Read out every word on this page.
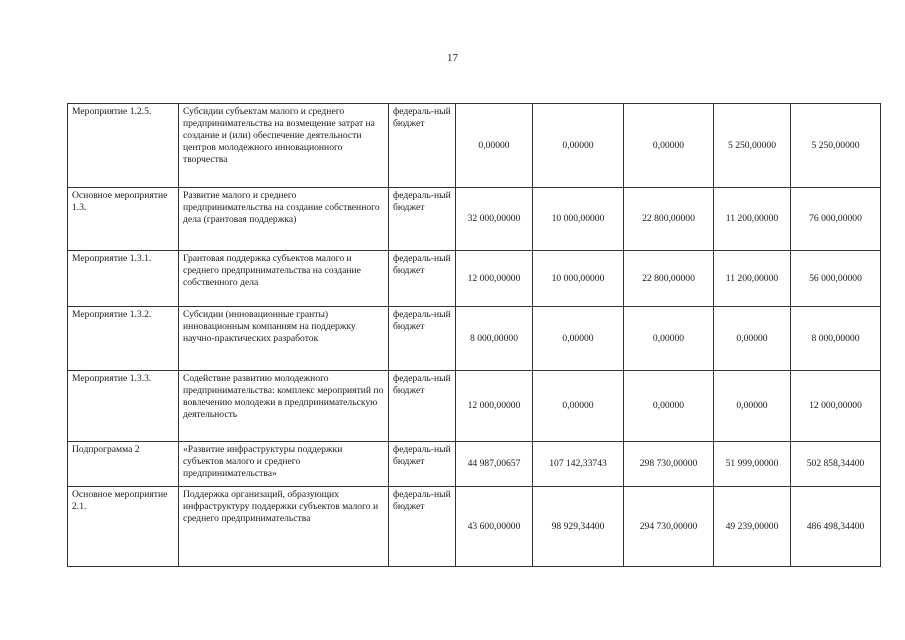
17
Мероприятие 1.2.5.	Субсидии субъектам малого и среднего предпринимательства на возмещение затрат на создание и (или) обеспечение деятельности центров молодежного инновационного творчества	федераль-ный бюджет	0,00000	0,00000	0,00000	5 250,00000	5 250,00000
Основное мероприятие 1.3.	Развитие малого и среднего предпринимательства на создание собственного дела (грантовая поддержка)	федераль-ный бюджет	32 000,00000	10 000,00000	22 800,00000	11 200,00000	76 000,00000
Мероприятие 1.3.1.	Грантовая поддержка субъектов малого и среднего предпринимательства на создание собственного дела	федераль-ный бюджет	12 000,00000	10 000,00000	22 800,00000	11 200,00000	56 000,00000
Мероприятие 1.3.2.	Субсидии (инновационные гранты) инновационным компаниям на поддержку научно-практических разработок	федераль-ный бюджет	8 000,00000	0,00000	0,00000	0,00000	8 000,00000
Мероприятие 1.3.3.	Содействие развитию молодежного предпринимательства: комплекс мероприятий по вовлечению молодежи в предпринимательскую деятельность	федераль-ный бюджет	12 000,00000	0,00000	0,00000	0,00000	12 000,00000
Подпрограмма 2	«Развитие инфраструктуры поддержки субъектов малого и среднего предпринимательства»	федераль-ный бюджет	44 987,00657	107 142,33743	298 730,00000	51 999,00000	502 858,34400
Основное мероприятие 2.1.	Поддержка организаций, образующих инфраструктуру поддержки субъектов малого и среднего предпринимательства	федераль-ный бюджет	43 600,00000	98 929,34400	294 730,00000	49 239,00000	486 498,34400
